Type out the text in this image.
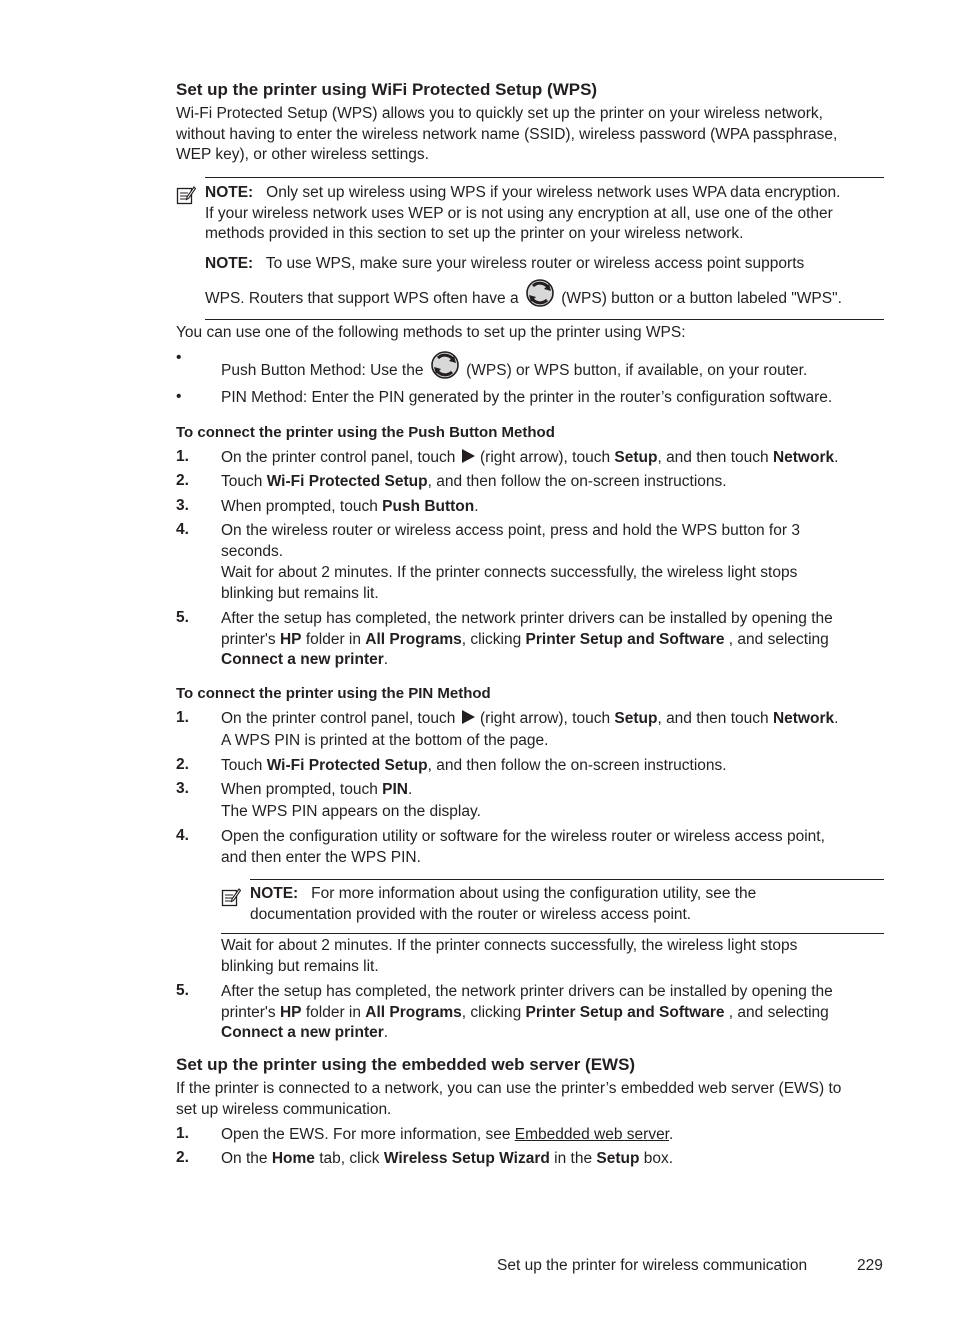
Set up the printer using WiFi Protected Setup (WPS)
Wi-Fi Protected Setup (WPS) allows you to quickly set up the printer on your wireless network,
without having to enter the wireless network name (SSID), wireless password (WPA passphrase,
WEP key), or other wireless settings.
NOTE: Only set up wireless using WPS if your wireless network uses WPA data encryption.
If your wireless network uses WEP or is not using any encryption at all, use one of the other
methods provided in this section to set up the printer on your wireless network.
NOTE: To use WPS, make sure your wireless router or wireless access point supports
WPS. Routers that support WPS often have a	(WPS) button or a button labeled "WPS".
You can use one of the following methods to set up the printer using WPS:
•
Push Button Method: Use the	(WPS) or WPS button, if available, on your router.
•	PIN Method: Enter the PIN generated by the printer in the router’s configuration software.
To connect the printer using the Push Button Method
1. On the printer control panel, touch (right arrow), touch Setup, and then touch Network.
2. Touch Wi-Fi Protected Setup, and then follow the on-screen instructions.
3. When prompted, touch Push Button.
4. On the wireless router or wireless access point, press and hold the WPS button for 3
seconds.
Wait for about 2 minutes. If the printer connects successfully, the wireless light stops
blinking but remains lit.
5. After the setup has completed, the network printer drivers can be installed by opening the
printer's HP folder in All Programs, clicking Printer Setup and Software , and selecting
Connect a new printer.
To connect the printer using the PIN Method
1. On the printer control panel, touch (right arrow), touch Setup, and then touch Network.
A WPS PIN is printed at the bottom of the page.
2. Touch Wi-Fi Protected Setup, and then follow the on-screen instructions.
3. When prompted, touch PIN.
The WPS PIN appears on the display.
4. Open the configuration utility or software for the wireless router or wireless access point,
and then enter the WPS PIN.
NOTE: For more information about using the configuration utility, see the
documentation provided with the router or wireless access point.
Wait for about 2 minutes. If the printer connects successfully, the wireless light stops
blinking but remains lit.
5. After the setup has completed, the network printer drivers can be installed by opening the
printer's HP folder in All Programs, clicking Printer Setup and Software , and selecting
Connect a new printer.
Set up the printer using the embedded web server (EWS)
If the printer is connected to a network, you can use the printer’s embedded web server (EWS) to
set up wireless communication.
1. Open the EWS. For more information, see Embedded web server.
2. On the Home tab, click Wireless Setup Wizard in the Setup box.
Set up the printer for wireless communication	229
